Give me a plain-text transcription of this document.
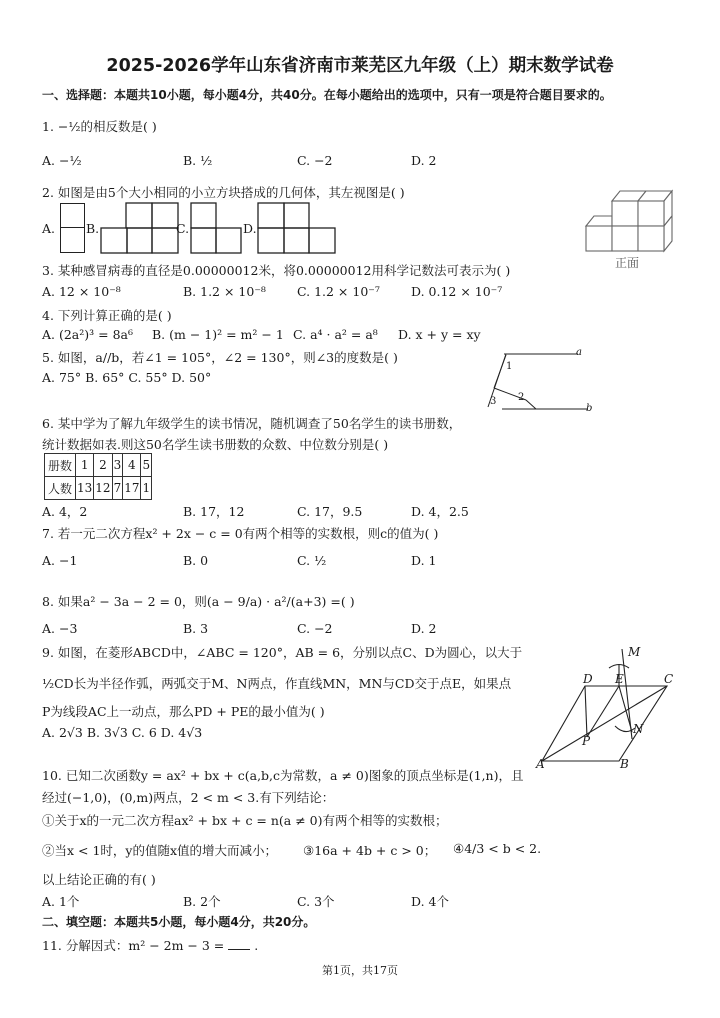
2025-2026学年山东省济南市莱芜区九年级（上）期末数学试卷
一、选择题：本题共10小题，每小题4分，共40分。在每小题给出的选项中，只有一项是符合题目要求的。
1. −½的相反数是( )
A. −½	B. ½	C. −2	D. 2
2. 如图是由5个大小相同的小立方块搭成的几何体，其左视图是( )
A. B.	C.	D.
正面
3. 某种感冒病毒的直径是0.00000012米，将0.00000012用科学记数法可表示为( )
A. 12 × 10⁻⁸	B. 1.2 × 10⁻⁸ C. 1.2 × 10⁻⁷ D. 0.12 × 10⁻⁷
4. 下列计算正确的是( )
A. (2a²)³ = 8a⁶ B. (m − 1)² = m² − 1 C. a⁴ · a² = a⁸ D. x + y = xy
5. 如图，a//b，若∠1 = 105°，∠2 = 130°，则∠3的度数是( )
A. 75° B. 65° C. 55° D. 50°
a
b
1
2
3
6. 某中学为了解九年级学生的读书情况，随机调查了50名学生的读书册数，
统计数据如表.则这50名学生读书册数的众数、中位数分别是( )
册数	1	2	3	4	5
人数	13	12	7	17	1
A. 4，2	B. 17，12	C. 17，9.5	D. 4，2.5
7. 若一元二次方程x² + 2x − c = 0有两个相等的实数根，则c的值为( )
A. −1	B. 0	C. ½	D. 1
8. 如果a² − 3a − 2 = 0，则(a − 9/a) · a²/(a+3) =( )
A. −3	B. 3	C. −2	D. 2
9. 如图，在菱形ABCD中，∠ABC = 120°，AB = 6，分别以点C、D为圆心，以大于
½CD长为半径作弧，两弧交于M、N两点，作直线MN，MN与CD交于点E，如果点
P为线段AC上一动点，那么PD + PE的最小值为( )
A. 2√3 B. 3√3 C. 6 D. 4√3
M
D E	C
P
N
A	B
10. 已知二次函数y = ax² + bx + c(a,b,c为常数，a ≠ 0)图象的顶点坐标是(1,n)，且
经过(−1,0)，(0,m)两点，2 < m < 3.有下列结论：
①关于x的一元二次方程ax² + bx + c = n(a ≠ 0)有两个相等的实数根；
②当x < 1时，y的值随x值的增大而减小； ③16a + 4b + c > 0； ④4/3 < b < 2.
以上结论正确的有( )
A. 1个	B. 2个	C. 3个	D. 4个
二、填空题：本题共5小题，每小题4分，共20分。
11. 分解因式：m² − 2m − 3 = .
第1页，共17页
